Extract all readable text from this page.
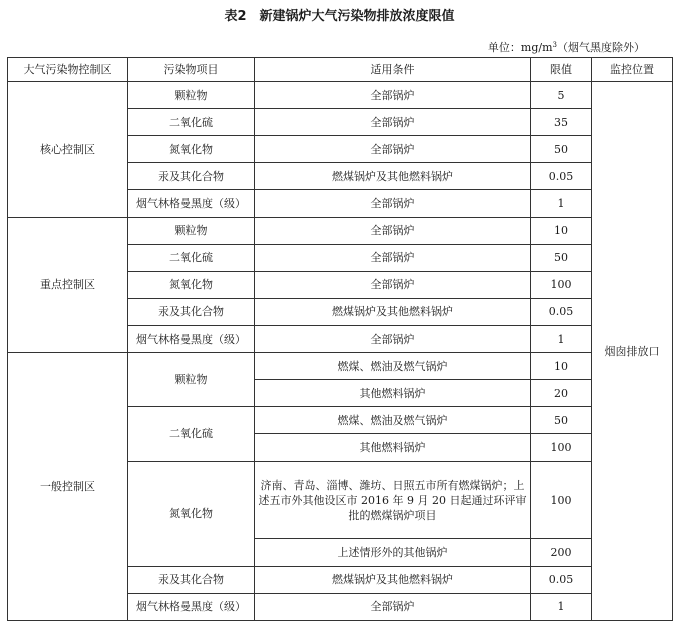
表2　新建锅炉大气污染物排放浓度限值
单位：$mg/m^3$（烟气黑度除外）
大气污染物控制区	污染物项目	适用条件	限值	监控位置
核心控制区	颗粒物	全部锅炉	5	烟囱排放口
	二氧化硫	全部锅炉	35	
	氮氧化物	全部锅炉	50	
	汞及其化合物	燃煤锅炉及其他燃料锅炉	0.05	
	烟气林格曼黑度（级）	全部锅炉	1	
重点控制区	颗粒物	全部锅炉	10	
	二氧化硫	全部锅炉	50	
	氮氧化物	全部锅炉	100	
	汞及其化合物	燃煤锅炉及其他燃料锅炉	0.05	
	烟气林格曼黑度（级）	全部锅炉	1	
一般控制区	颗粒物	燃煤、燃油及燃气锅炉	10	
		其他燃料锅炉	20	
	二氧化硫	燃煤、燃油及燃气锅炉	50	
		其他燃料锅炉	100	
	氮氧化物	济南、青岛、淄博、潍坊、日照五市所有燃煤锅炉；上述五市外其他设区市 2016 年 9 月 20 日起通过环评审批的燃煤锅炉项目	100	
		上述情形外的其他锅炉	200	
	汞及其化合物	燃煤锅炉及其他燃料锅炉	0.05	
	烟气林格曼黑度（级）	全部锅炉	1	
